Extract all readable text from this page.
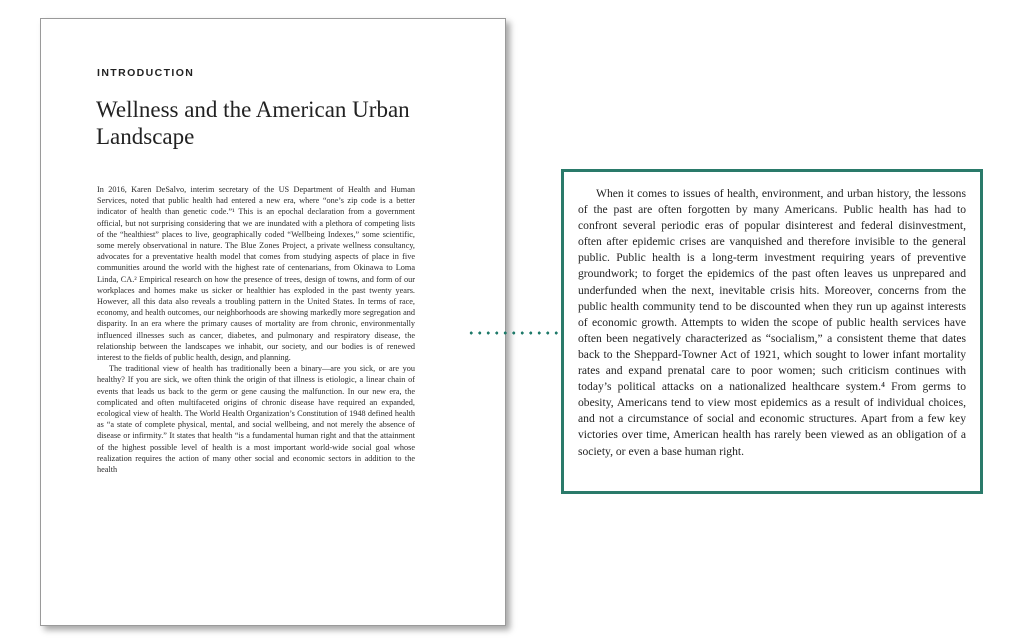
INTRODUCTION
Wellness and the American Urban Landscape

In 2016, Karen DeSalvo, interim secretary of the US Department of Health and Human Services, noted that public health had entered a new era, where “one’s zip code is a better indicator of health than genetic code.”¹ This is an epochal declaration from a government official, but not surprising considering that we are inundated with a plethora of competing lists of the “healthiest” places to live, geographically coded “Wellbeing Indexes,” some scientific, some merely observational in nature. The Blue Zones Project, a private wellness consultancy, advocates for a preventative health model that comes from studying aspects of place in five communities around the world with the highest rate of centenarians, from Okinawa to Loma Linda, CA.² Empirical research on how the presence of trees, design of towns, and form of our workplaces and homes make us sicker or healthier has exploded in the past twenty years. However, all this data also reveals a troubling pattern in the United States. In terms of race, economy, and health outcomes, our neighborhoods are showing markedly more segregation and disparity. In an era where the primary causes of mortality are from chronic, environmentally influenced illnesses such as cancer, diabetes, and pulmonary and respiratory disease, the relationship between the landscapes we inhabit, our society, and our bodies is of renewed interest to the fields of public health, design, and planning.

The traditional view of health has traditionally been a binary—are you sick, or are you healthy? If you are sick, we often think the origin of that illness is etiologic, a linear chain of events that leads us back to the germ or gene causing the malfunction. In our new era, the complicated and often multifaceted origins of chronic disease have required an expanded, ecological view of health. The World Health Organization’s Constitution of 1948 defined health as “a state of complete physical, mental, and social wellbeing, and not merely the absence of disease or infirmity.” It states that health “is a fundamental human right and that the attainment of the highest possible level of health is a most important world-wide social goal whose realization requires the action of many other social and economic sectors in addition to the health

When it comes to issues of health, environment, and urban history, the lessons of the past are often forgotten by many Americans. Public health has had to confront several periodic eras of popular disinterest and federal disinvestment, often after epidemic crises are vanquished and therefore invisible to the general public. Public health is a long-term investment requiring years of preventive groundwork; to forget the epidemics of the past often leaves us unprepared and underfunded when the next, inevitable crisis hits. Moreover, concerns from the public health community tend to be discounted when they run up against interests of economic growth. Attempts to widen the scope of public health services have often been negatively characterized as “socialism,” a consistent theme that dates back to the Sheppard-Towner Act of 1921, which sought to lower infant mortality rates and expand prenatal care to poor women; such criticism continues with today’s political attacks on a nationalized healthcare system.⁴ From germs to obesity, Americans tend to view most epidemics as a result of individual choices, and not a circumstance of social and economic structures. Apart from a few key victories over time, American health has rarely been viewed as an obligation of a society, or even a base human right.
